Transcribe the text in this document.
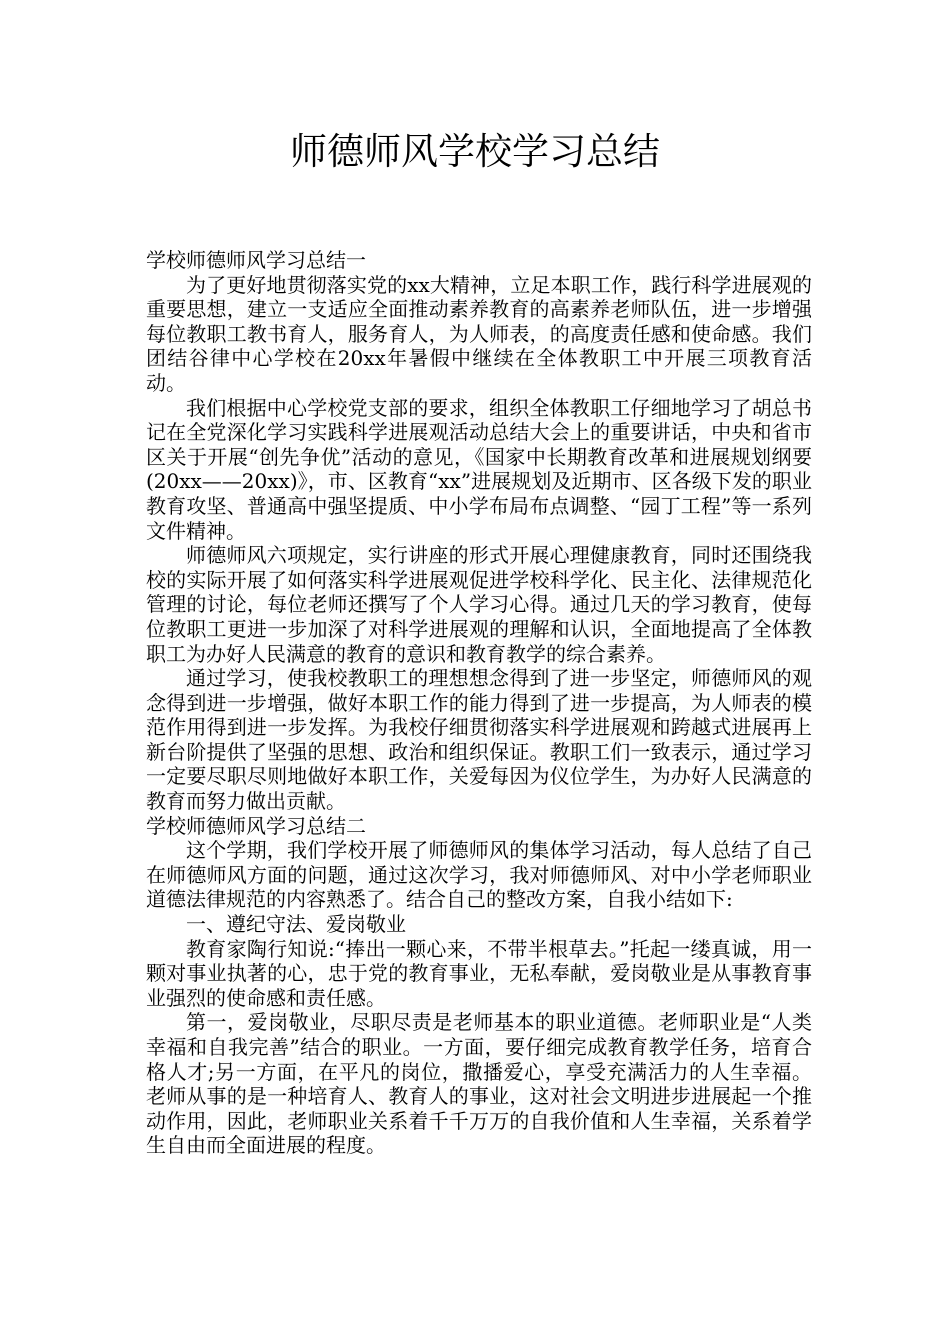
师德师风学校学习总结

学校师德师风学习总结一

为了更好地贯彻落实党的xx大精神，立足本职工作，践行科学进展观的重要思想，建立一支适应全面推动素养教育的高素养老师队伍，进一步增强每位教职工教书育人，服务育人，为人师表，的高度责任感和使命感。我们团结谷律中心学校在20xx年暑假中继续在全体教职工中开展三项教育活动。

我们根据中心学校党支部的要求，组织全体教职工仔细地学习了胡总书记在全党深化学习实践科学进展观活动总结大会上的重要讲话，中央和省市区关于开展“创先争优”活动的意见，《国家中长期教育改革和进展规划纲要(20xx——20xx)》，市、区教育“xx”进展规划及近期市、区各级下发的职业教育攻坚、普通高中强坚提质、中小学布局布点调整、“园丁工程”等一系列文件精神。

师德师风六项规定，实行讲座的形式开展心理健康教育，同时还围绕我校的实际开展了如何落实科学进展观促进学校科学化、民主化、法律规范化管理的讨论，每位老师还撰写了个人学习心得。通过几天的学习教育，使每位教职工更进一步加深了对科学进展观的理解和认识，全面地提高了全体教职工为办好人民满意的教育的意识和教育教学的综合素养。

通过学习，使我校教职工的理想想念得到了进一步坚定，师德师风的观念得到进一步增强，做好本职工作的能力得到了进一步提高，为人师表的模范作用得到进一步发挥。为我校仔细贯彻落实科学进展观和跨越式进展再上新台阶提供了坚强的思想、政治和组织保证。教职工们一致表示，通过学习一定要尽职尽则地做好本职工作，关爱每因为仪位学生，为办好人民满意的教育而努力做出贡献。

学校师德师风学习总结二

这个学期，我们学校开展了师德师风的集体学习活动，每人总结了自己在师德师风方面的问题，通过这次学习，我对师德师风、对中小学老师职业道德法律规范的内容熟悉了。结合自己的整改方案，自我小结如下:

一、遵纪守法、爱岗敬业

教育家陶行知说:“捧出一颗心来，不带半根草去。”托起一缕真诚，用一颗对事业执著的心，忠于党的教育事业，无私奉献，爱岗敬业是从事教育事业强烈的使命感和责任感。

第一，爱岗敬业，尽职尽责是老师基本的职业道德。老师职业是“人类幸福和自我完善”结合的职业。一方面，要仔细完成教育教学任务，培育合格人才;另一方面，在平凡的岗位，撒播爱心，享受充满活力的人生幸福。老师从事的是一种培育人、教育人的事业，这对社会文明进步进展起一个推动作用，因此，老师职业关系着千千万万的自我价值和人生幸福，关系着学生自由而全面进展的程度。
